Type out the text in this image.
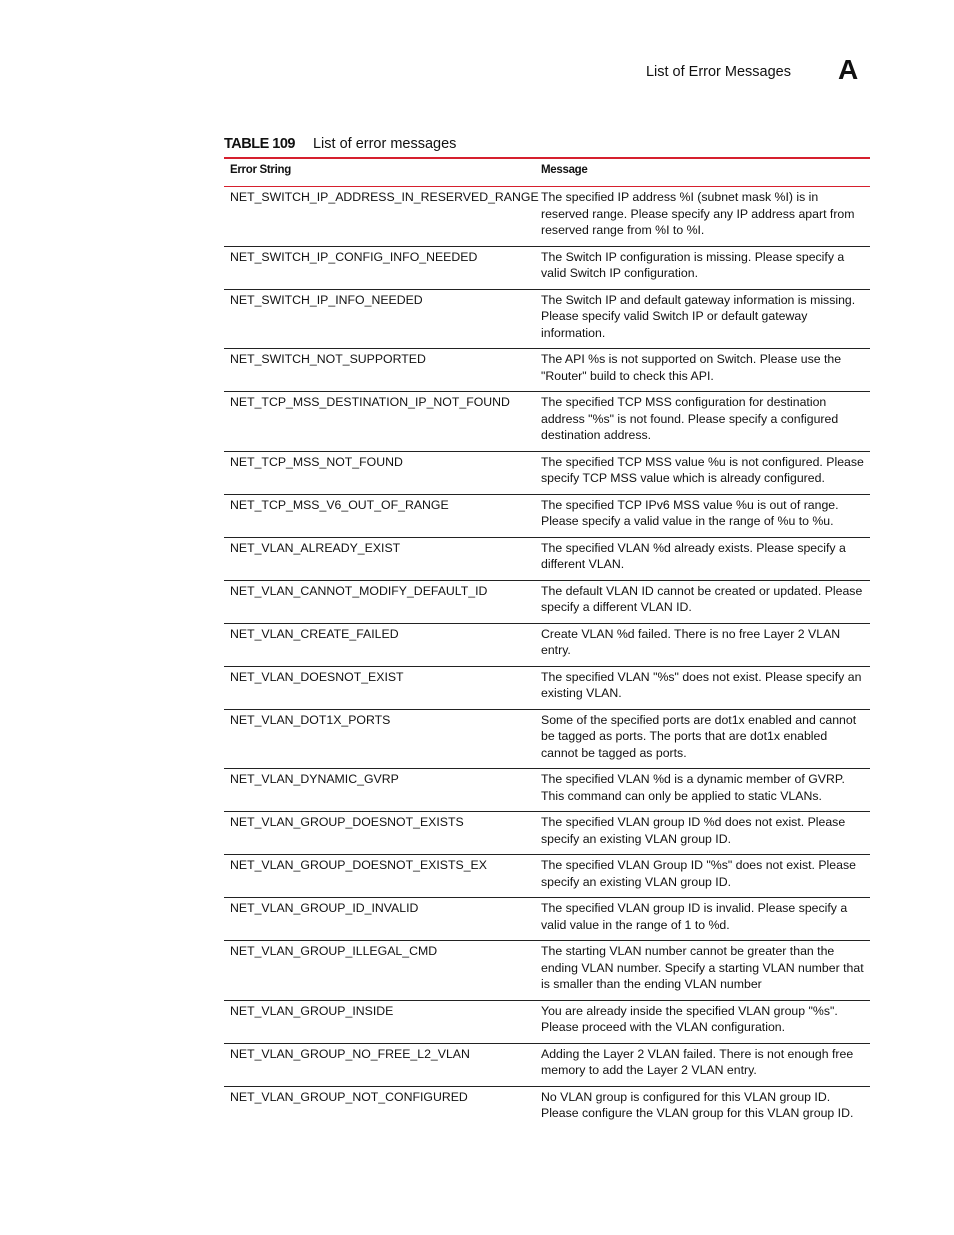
List of Error Messages A
TABLE 109 List of error messages
Error String	Message
NET_SWITCH_IP_ADDRESS_IN_RESERVED_RANGE	The specified IP address %I (subnet mask %I) is in reserved range. Please specify any IP address apart from reserved range from %I to %I.
NET_SWITCH_IP_CONFIG_INFO_NEEDED	The Switch IP configuration is missing. Please specify a valid Switch IP configuration.
NET_SWITCH_IP_INFO_NEEDED	The Switch IP and default gateway information is missing. Please specify valid Switch IP or default gateway information.
NET_SWITCH_NOT_SUPPORTED	The API %s is not supported on Switch. Please use the "Router" build to check this API.
NET_TCP_MSS_DESTINATION_IP_NOT_FOUND	The specified TCP MSS configuration for destination address "%s" is not found. Please specify a configured destination address.
NET_TCP_MSS_NOT_FOUND	The specified TCP MSS value %u is not configured. Please specify TCP MSS value which is already configured.
NET_TCP_MSS_V6_OUT_OF_RANGE	The specified TCP IPv6 MSS value %u is out of range. Please specify a valid value in the range of %u to %u.
NET_VLAN_ALREADY_EXIST	The specified VLAN %d already exists. Please specify a different VLAN.
NET_VLAN_CANNOT_MODIFY_DEFAULT_ID	The default VLAN ID cannot be created or updated. Please specify a different VLAN ID.
NET_VLAN_CREATE_FAILED	Create VLAN %d failed. There is no free Layer 2 VLAN entry.
NET_VLAN_DOESNOT_EXIST	The specified VLAN "%s" does not exist. Please specify an existing VLAN.
NET_VLAN_DOT1X_PORTS	Some of the specified ports are dot1x enabled and cannot be tagged as ports. The ports that are dot1x enabled cannot be tagged as ports.
NET_VLAN_DYNAMIC_GVRP	The specified VLAN %d is a dynamic member of GVRP. This command can only be applied to static VLANs.
NET_VLAN_GROUP_DOESNOT_EXISTS	The specified VLAN group ID %d does not exist. Please specify an existing VLAN group ID.
NET_VLAN_GROUP_DOESNOT_EXISTS_EX	The specified VLAN Group ID "%s" does not exist. Please specify an existing VLAN group ID.
NET_VLAN_GROUP_ID_INVALID	The specified VLAN group ID is invalid. Please specify a valid value in the range of 1 to %d.
NET_VLAN_GROUP_ILLEGAL_CMD	The starting VLAN number cannot be greater than the ending VLAN number. Specify a starting VLAN number that is smaller than the ending VLAN number
NET_VLAN_GROUP_INSIDE	You are already inside the specified VLAN group "%s". Please proceed with the VLAN configuration.
NET_VLAN_GROUP_NO_FREE_L2_VLAN	Adding the Layer 2 VLAN failed. There is not enough free memory to add the Layer 2 VLAN entry.
NET_VLAN_GROUP_NOT_CONFIGURED	No VLAN group is configured for this VLAN group ID. Please configure the VLAN group for this VLAN group ID.
